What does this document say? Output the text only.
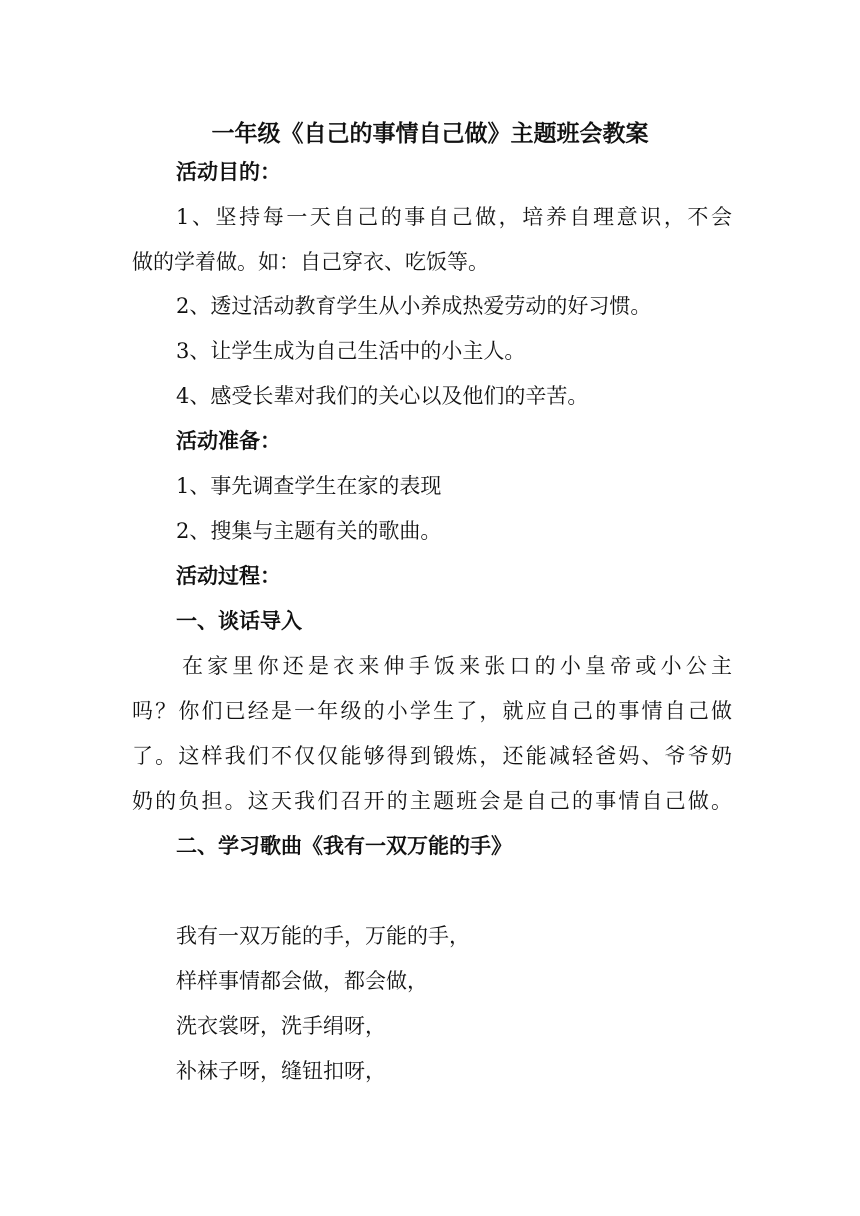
一年级《自己的事情自己做》主题班会教案
活动目的：
1、坚持每一天自己的事自己做，培养自理意识，不会
做的学着做。如：自己穿衣、吃饭等。
2、透过活动教育学生从小养成热爱劳动的好习惯。
3、让学生成为自己生活中的小主人。
4、感受长辈对我们的关心以及他们的辛苦。
活动准备：
1、事先调查学生在家的表现
2、搜集与主题有关的歌曲。
活动过程：
一、谈话导入
在家里你还是衣来伸手饭来张口的小皇帝或小公主
吗？你们已经是一年级的小学生了，就应自己的事情自己做
了。这样我们不仅仅能够得到锻炼，还能减轻爸妈、爷爷奶
奶的负担。这天我们召开的主题班会是自己的事情自己做。
二、学习歌曲《我有一双万能的手》
我有一双万能的手，万能的手，
样样事情都会做，都会做，
洗衣裳呀，洗手绢呀，
补袜子呀，缝钮扣呀，
